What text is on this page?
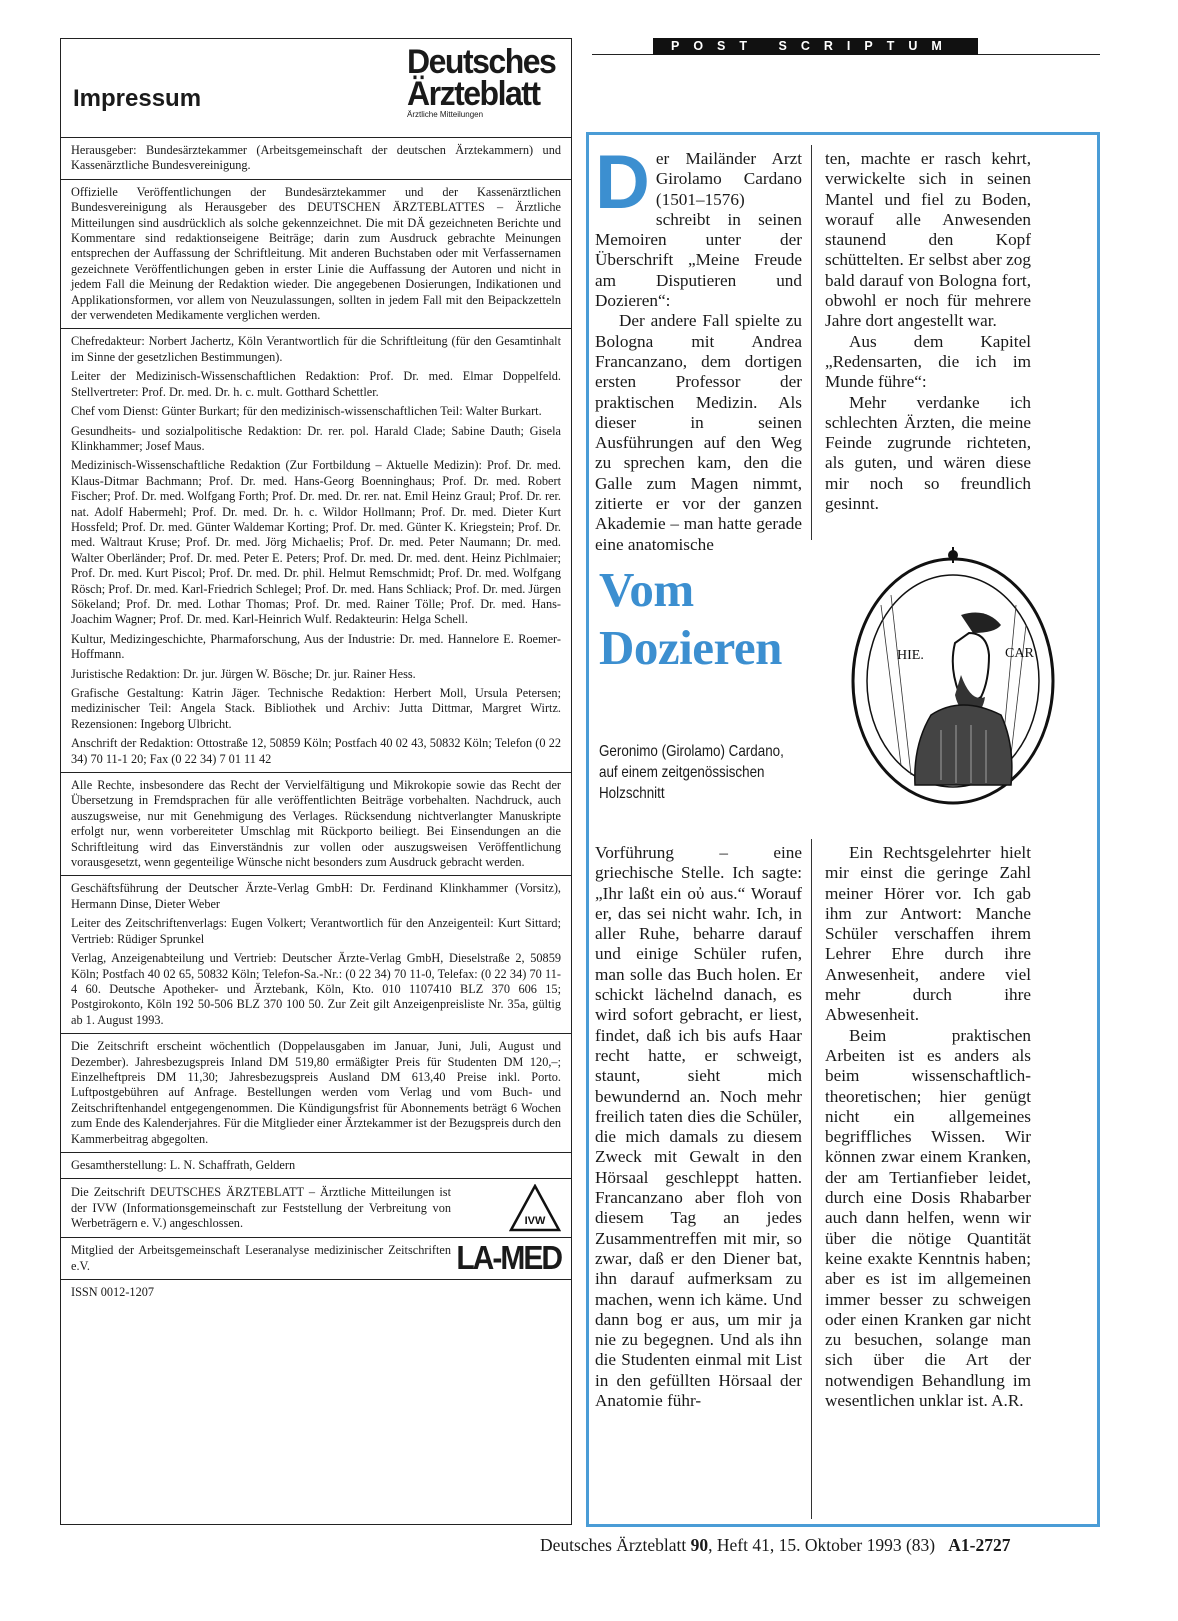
Impressum
Deutsches
Ärzteblatt
Ärztliche Mitteilungen
Herausgeber: Bundesärztekammer (Arbeitsgemeinschaft der deutschen Ärztekammern) und Kassenärztliche Bundesvereinigung.
Offizielle Veröffentlichungen der Bundesärztekammer und der Kassenärztlichen Bundesvereinigung als Herausgeber des DEUTSCHEN ÄRZTEBLATTES – Ärztliche Mitteilungen sind ausdrücklich als solche gekennzeichnet. Die mit DÄ gezeichneten Berichte und Kommentare sind redaktionseigene Beiträge; darin zum Ausdruck gebrachte Meinungen entsprechen der Auffassung der Schriftleitung. Mit anderen Buchstaben oder mit Verfassernamen gezeichnete Veröffentlichungen geben in erster Linie die Auffassung der Autoren und nicht in jedem Fall die Meinung der Redaktion wieder. Die angegebenen Dosierungen, Indikationen und Applikationsformen, vor allem von Neuzulassungen, sollten in jedem Fall mit den Beipackzetteln der verwendeten Medikamente verglichen werden.

Chefredakteur: Norbert Jachertz, Köln Verantwortlich für die Schriftleitung (für den Gesamtinhalt im Sinne der gesetzlichen Bestimmungen).

Leiter der Medizinisch-Wissenschaftlichen Redaktion: Prof. Dr. med. Elmar Doppelfeld. Stellvertreter: Prof. Dr. med. Dr. h. c. mult. Gotthard Schettler.

Chef vom Dienst: Günter Burkart; für den medizinisch-wissenschaftlichen Teil: Walter Burkart.

Gesundheits- und sozialpolitische Redaktion: Dr. rer. pol. Harald Clade; Sabine Dauth; Gisela Klinkhammer; Josef Maus.

Medizinisch-Wissenschaftliche Redaktion (Zur Fortbildung – Aktuelle Medizin): Prof. Dr. med. Klaus-Ditmar Bachmann; Prof. Dr. med. Hans-Georg Boenninghaus; Prof. Dr. med. Robert Fischer; Prof. Dr. med. Wolfgang Forth; Prof. Dr. med. Dr. rer. nat. Emil Heinz Graul; Prof. Dr. rer. nat. Adolf Habermehl; Prof. Dr. med. Dr. h. c. Wildor Hollmann; Prof. Dr. med. Dieter Kurt Hossfeld; Prof. Dr. med. Günter Waldemar Korting; Prof. Dr. med. Günter K. Kriegstein; Prof. Dr. med. Waltraut Kruse; Prof. Dr. med. Jörg Michaelis; Prof. Dr. med. Peter Naumann; Dr. med. Walter Oberländer; Prof. Dr. med. Peter E. Peters; Prof. Dr. med. Dr. med. dent. Heinz Pichlmaier; Prof. Dr. med. Kurt Piscol; Prof. Dr. med. Dr. phil. Helmut Remschmidt; Prof. Dr. med. Wolfgang Rösch; Prof. Dr. med. Karl-Friedrich Schlegel; Prof. Dr. med. Hans Schliack; Prof. Dr. med. Jürgen Sökeland; Prof. Dr. med. Lothar Thomas; Prof. Dr. med. Rainer Tölle; Prof. Dr. med. Hans-Joachim Wagner; Prof. Dr. med. Karl-Heinrich Wulf. Redakteurin: Helga Schell.

Kultur, Medizingeschichte, Pharmaforschung, Aus der Industrie: Dr. med. Hannelore E. Roemer-Hoffmann.

Juristische Redaktion: Dr. jur. Jürgen W. Bösche; Dr. jur. Rainer Hess.

Grafische Gestaltung: Katrin Jäger. Technische Redaktion: Herbert Moll, Ursula Petersen; medizinischer Teil: Angela Stack. Bibliothek und Archiv: Jutta Dittmar, Margret Wirtz. Rezensionen: Ingeborg Ulbricht.

Anschrift der Redaktion: Ottostraße 12, 50859 Köln; Postfach 40 02 43, 50832 Köln; Telefon (0 22 34) 70 11-1 20; Fax (0 22 34) 7 01 11 42

Alle Rechte, insbesondere das Recht der Vervielfältigung und Mikrokopie sowie das Recht der Übersetzung in Fremdsprachen für alle veröffentlichten Beiträge vorbehalten. Nachdruck, auch auszugsweise, nur mit Genehmigung des Verlages. Rücksendung nichtverlangter Manuskripte erfolgt nur, wenn vorbereiteter Umschlag mit Rückporto beiliegt. Bei Einsendungen an die Schriftleitung wird das Einverständnis zur vollen oder auszugsweisen Veröffentlichung vorausgesetzt, wenn gegenteilige Wünsche nicht besonders zum Ausdruck gebracht werden.

Geschäftsführung der Deutscher Ärzte-Verlag GmbH: Dr. Ferdinand Klinkhammer (Vorsitz), Hermann Dinse, Dieter Weber

Leiter des Zeitschriftenverlags: Eugen Volkert; Verantwortlich für den Anzeigenteil: Kurt Sittard; Vertrieb: Rüdiger Sprunkel

Verlag, Anzeigenabteilung und Vertrieb: Deutscher Ärzte-Verlag GmbH, Dieselstraße 2, 50859 Köln; Postfach 40 02 65, 50832 Köln; Telefon-Sa.-Nr.: (0 22 34) 70 11-0, Telefax: (0 22 34) 70 11-4 60. Deutsche Apotheker- und Ärztebank, Köln, Kto. 010 1107410 BLZ 370 606 15; Postgirokonto, Köln 192 50-506 BLZ 370 100 50. Zur Zeit gilt Anzeigenpreisliste Nr. 35a, gültig ab 1. August 1993.

Die Zeitschrift erscheint wöchentlich (Doppelausgaben im Januar, Juni, Juli, August und Dezember). Jahresbezugspreis Inland DM 519,80 ermäßigter Preis für Studenten DM 120,–; Einzelheftpreis DM 11,30; Jahresbezugspreis Ausland DM 613,40 Preise inkl. Porto. Luftpostgebühren auf Anfrage. Bestellungen werden vom Verlag und vom Buch- und Zeitschriftenhandel entgegengenommen. Die Kündigungsfrist für Abonnements beträgt 6 Wochen zum Ende des Kalenderjahres. Für die Mitglieder einer Ärztekammer ist der Bezugspreis durch den Kammerbeitrag abgegolten.
Gesamtherstellung: L. N. Schaffrath, Geldern
Die Zeitschrift DEUTSCHES ÄRZTEBLATT – Ärztliche Mitteilungen ist der IVW (Informationsgemeinschaft zur Feststellung der Verbreitung von Werbeträgern e. V.) angeschlossen.	IVW
Mitglied der Arbeitsgemeinschaft Leseranalyse medizinischer Zeitschriften e.V.	LA-MED
ISSN 0012-1207
POST SCRIPTUM
D er Mailänder Arzt Girolamo Cardano (1501–1576) schreibt in seinen Memoiren unter der Überschrift „Meine Freude am Disputieren und Dozieren“:

Der andere Fall spielte zu Bologna mit Andrea Francanzano, dem dortigen ersten Professor der praktischen Medizin. Als dieser in seinen Ausführungen auf den Weg zu sprechen kam, den die Galle zum Magen nimmt, zitierte er vor der ganzen Akademie – man hatte gerade eine anatomische

ten, machte er rasch kehrt, verwickelte sich in seinen Mantel und fiel zu Boden, worauf alle Anwesenden staunend den Kopf schüttelten. Er selbst aber zog bald darauf von Bologna fort, obwohl er noch für mehrere Jahre dort angestellt war.

Aus dem Kapitel „Redensarten, die ich im Munde führe“:

Mehr verdanke ich schlechten Ärzten, die meine Feinde zugrunde richteten, als guten, und wären diese mir noch so freundlich gesinnt.

Vom
Dozieren	HIE.	CAR
Geronimo (Girolamo) Cardano, auf einem zeitgenössischen Holzschnitt

Vorführung – eine griechische Stelle. Ich sagte: „Ihr laßt ein οὐ aus.“ Worauf er, das sei nicht wahr. Ich, in aller Ruhe, beharre darauf und einige Schüler rufen, man solle das Buch holen. Er schickt lächelnd danach, es wird sofort gebracht, er liest, findet, daß ich bis aufs Haar recht hatte, er schweigt, staunt, sieht mich bewundernd an. Noch mehr freilich taten dies die Schüler, die mich damals zu diesem Zweck mit Gewalt in den Hörsaal geschleppt hatten. Francanzano aber floh von diesem Tag an jedes Zusammentreffen mit mir, so zwar, daß er den Diener bat, ihn darauf aufmerksam zu machen, wenn ich käme. Und dann bog er aus, um mir ja nie zu begegnen. Und als ihn die Studenten einmal mit List in den gefüllten Hörsaal der Anatomie führ-

Ein Rechtsgelehrter hielt mir einst die geringe Zahl meiner Hörer vor. Ich gab ihm zur Antwort: Manche Schüler verschaffen ihrem Lehrer Ehre durch ihre Anwesenheit, andere viel mehr durch ihre Abwesenheit.

Beim praktischen Arbeiten ist es anders als beim wissenschaftlich-theoretischen; hier genügt nicht ein allgemeines begriffliches Wissen. Wir können zwar einem Kranken, der am Tertianfieber leidet, durch eine Dosis Rhabarber auch dann helfen, wenn wir über die nötige Quantität keine exakte Kenntnis haben; aber es ist im allgemeinen immer besser zu schweigen oder einen Kranken gar nicht zu besuchen, solange man sich über die Art der notwendigen Behandlung im wesentlichen unklar ist. A.R.

Deutsches Ärzteblatt 90, Heft 41, 15. Oktober 1993 (83) A1-2727
